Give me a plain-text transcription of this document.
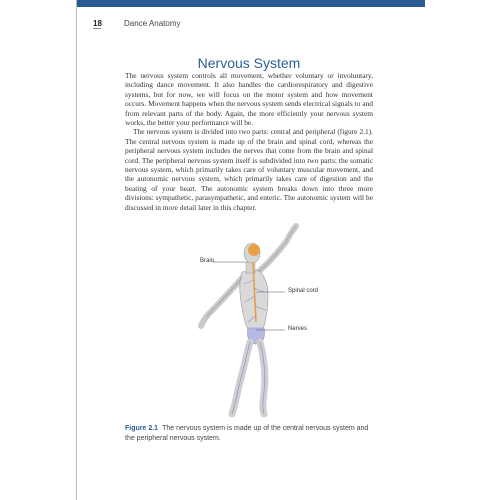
18	Dance Anatomy
Nervous System

The nervous system controls all movement, whether voluntary or involuntary, including dance movement. It also handles the cardiorespiratory and digestive systems, but for now, we will focus on the motor system and how movement occurs. Movement happens when the nervous system sends electrical signals to and from relevant parts of the body. Again, the more efficiently your nervous system works, the better your performance will be.

The nervous system is divided into two parts: central and peripheral (figure 2.1). The central nervous system is made up of the brain and spinal cord, whereas the peripheral nervous system includes the nerves that come from the brain and spinal cord. The peripheral nervous system itself is subdivided into two parts: the somatic nervous system, which primarily takes care of voluntary muscular movement, and the autonomic nervous system, which primarily takes care of digestion and the beating of your heart. The autonomic system breaks down into three more divisions: sympathetic, parasympathetic, and enteric. The autonomic system will be discussed in more detail later in this chapter.

Brain
Spinal cord
Nerves
Figure 2.1 The nervous system is made up of the central nervous system and the peripheral nervous system.
